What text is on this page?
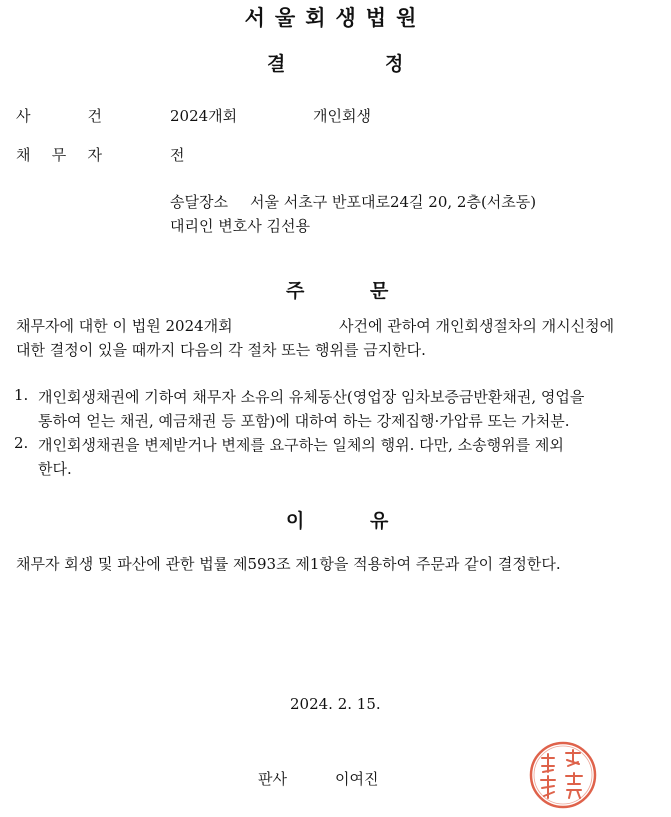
서울회생법원
결	정
사	건	2024개회	개인회생
채 무 자	전
송달장소 서울 서초구 반포대로24길 20, 2층(서초동)
대리인 변호사 김선용
주	문
채무자에 대한 이 법원 2024개회	사건에 관하여 개인회생절차의 개시신청에
대한 결정이 있을 때까지 다음의 각 절차 또는 행위를 금지한다.
1. 개인회생채권에 기하여 채무자 소유의 유체동산(영업장 임차보증금반환채권, 영업을
통하여 얻는 채권, 예금채권 등 포함)에 대하여 하는 강제집행·가압류 또는 가처분.
2. 개인회생채권을 변제받거나 변제를 요구하는 일체의 행위. 다만, 소송행위를 제외
한다.
이	유
채무자 회생 및 파산에 관한 법률 제593조 제1항을 적용하여 주문과 같이 결정한다.
2024. 2. 15.
판사	이여진
